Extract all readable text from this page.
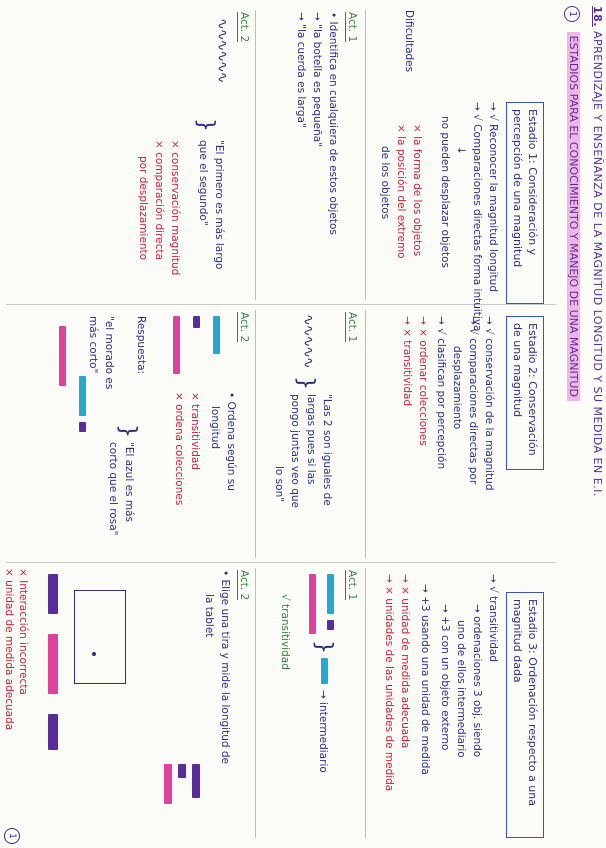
18. APRENDIZAJE Y ENSEÑANZA DE LA MAGNITUD LONGITUD Y SU MEDIDA EN E.I.
1 ESTADIOS PARA EL CONOCIMIENTO Y MANEJO DE UNA MAGNITUD
Estadio 1: Consideración y percepción de una magnitud
→ √ Reconocer la magnitud longitud
→ √ Comparaciones directas forma intuitiva
↓
no pueden desplazar objetos
Dificultades
× la forma de los objetos
× la posición del extremo
de los objetos
Act. 1
• Identifica en cualquiera de estos objetos
→ "la botella es pequeña"
→ "la cuerda es larga"
Act. 2
∿∿∿∿∿∿
}
"El primero es más largo
que el segundo"
× conservación magnitud
× comparación directa
por desplazamiento
Estadio 2: Conservación de una magnitud
→ √ conservación de la magnitud
→ √ comparaciones directas por
desplazamiento
→ √ clasifican por percepción
→ × ordenar colecciones
→ × transitividad
Act. 1
∿∿∿∿∿
}
"Las 2 son iguales de
largas pues si las
pongo juntas veo que
lo son"
Act. 2
• Ordena según su
longitud
× transitividad
× ordena colecciones
Respuesta:
}
"El azul es más
corto que el rosa"
"el morado es
más corto"
Estadio 3: Ordenación respecto a una magnitud dada
→ √ transitividad
→ ordenaciones 3 obj. siendo
uno de ellos intermediario
→ +3 con un objeto externo
→ +3 usando una unidad de medida
→ × unidad de medida adecuada
→ × unidades de las unidades de medida
Act. 1
}
→ intermediario
√ transitividad
Act. 2
• Elige una tira y mide la longitud de
la tablet
× Interacción incorrecta
× unidad de medida adecuada
1
